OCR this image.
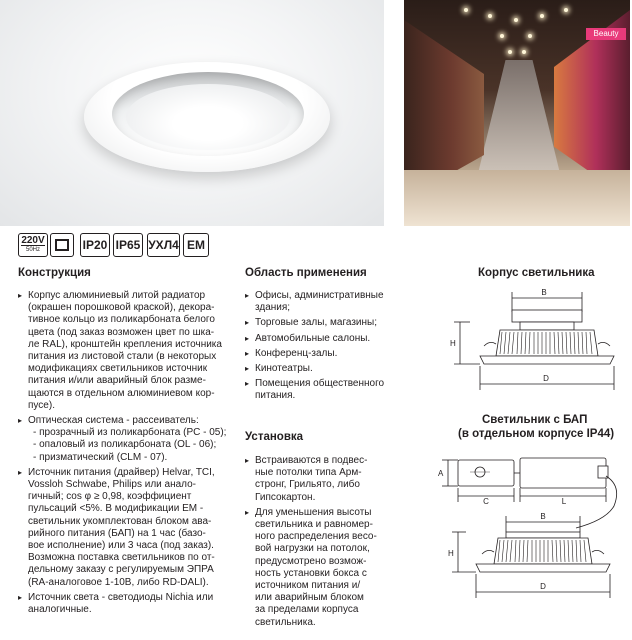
Beauty
220V
50Hz	IP20 IP65 УХЛ4 EM
Конструкция
▸ Корпус алюминиевый литой радиатор
(окрашен порошковой краской), декора-
тивное кольцо из поликарбоната белого
цвета (под заказ возможен цвет по шка-
ле RAL), кронштейн крепления источника
питания из листовой стали (в некоторых
модификациях светильников источник
питания и/или аварийный блок разме-
щаются в отдельном алюминиевом кор-
пусе).
▸ Оптическая система - рассеиватель:
- прозрачный из поликарбоната (PC - 05);
- опаловый из поликарбоната (OL - 06);
- призматический (CLM - 07).
▸ Источник питания (драйвер) Helvar, TCI,
Vossloh Schwabe, Philips или анало-
гичный; cos φ ≥ 0,98, коэффициент
пульсаций <5%. В модификации EM -
светильник укомплектован блоком ава-
рийного питания (БАП) на 1 час (базо-
вое исполнение) или 3 часа (под заказ).
Возможна поставка светильников по от-
дельному заказу с регулируемым ЭПРА
(RA-аналоговое 1-10В, либо RD-DALI).
▸ Источник света - светодиоды Nichia или
аналогичные.
Область применения
▸ Офисы, административные
здания;
▸ Торговые залы, магазины;
▸ Автомобильные салоны.
▸ Конференц-залы.
▸ Кинотеатры.
▸ Помещения общественного
питания.
Установка
▸ Встраиваются в подвес-
ные потолки типа Арм-
стронг, Грильято, либо
Гипсокартон.
▸ Для уменьшения высоты
светильника и равномер-
ного распределения весо-
вой нагрузки на потолок,
предусмотрено возмож-
ность установки бокса с
источником питания и/
или аварийным блоком
за пределами корпуса
светильника.
Корпус светильника
Светильник с БАП
(в отдельном корпусе IP44)
B
H
D
A
C	L
B
H
D
